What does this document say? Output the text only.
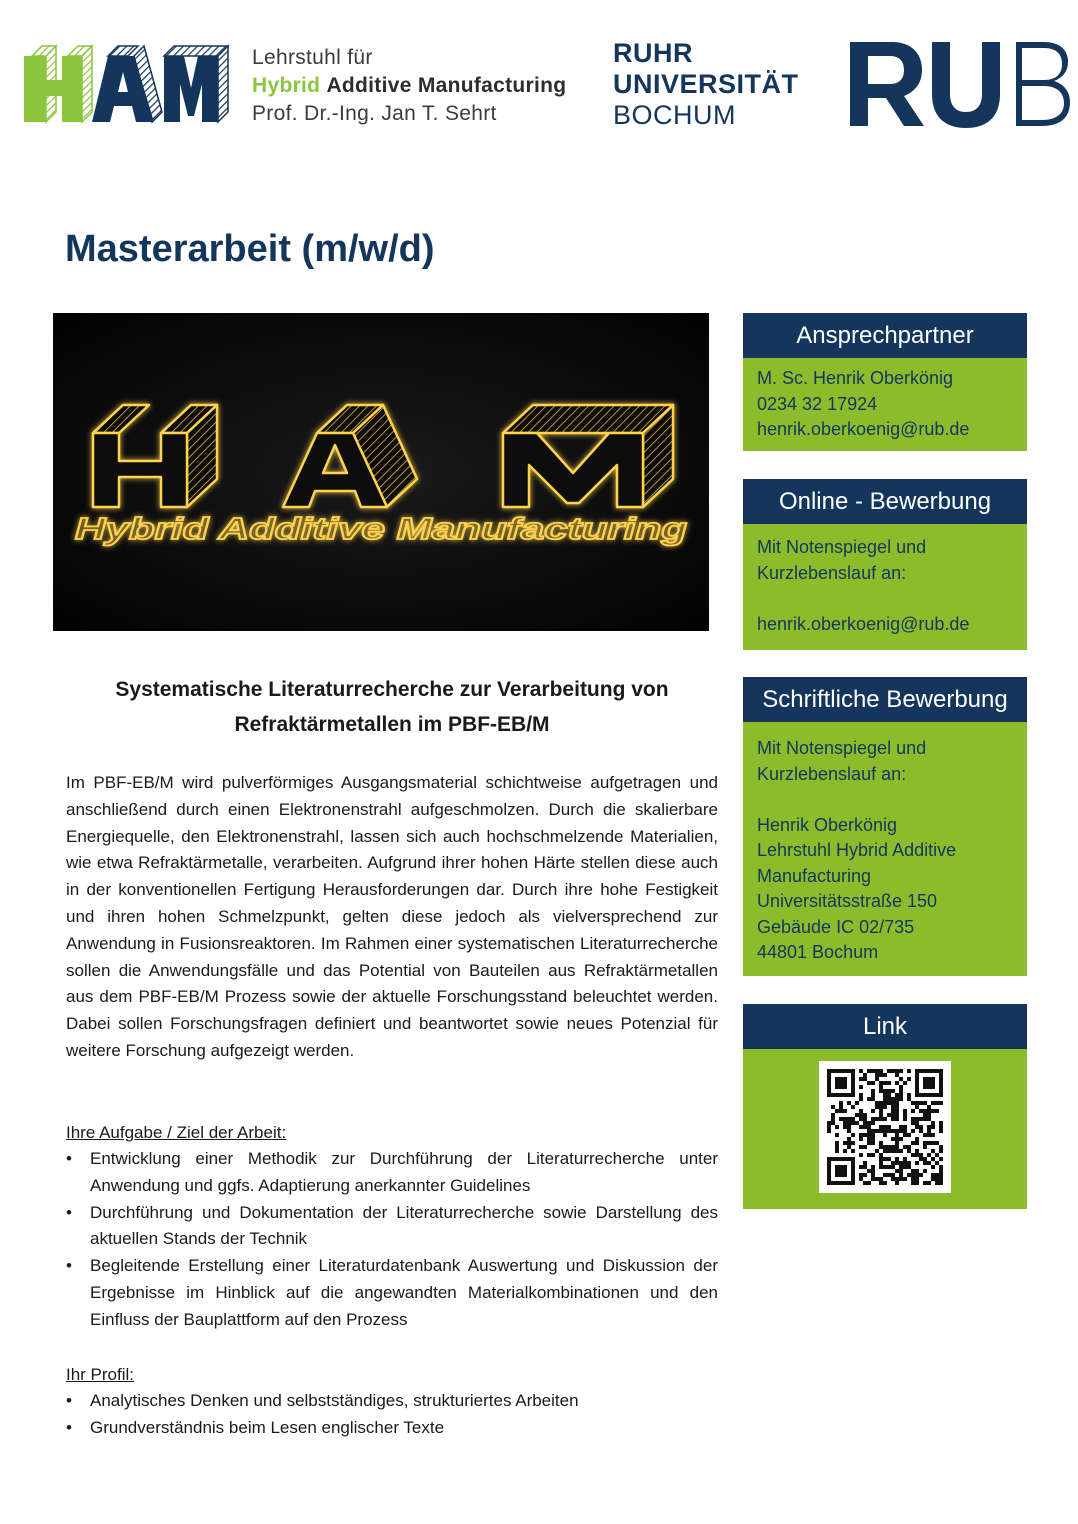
Lehrstuhl für
Hybrid Additive Manufacturing
Prof. Dr.-Ing. Jan T. Sehrt
RUHR
UNIVERSITÄT
BOCHUM
Masterarbeit (m/w/d)
Hybrid Additive Manufacturing
Systematische Literaturrecherche zur Verarbeitung von
Refraktärmetallen im PBF-EB/M

Im PBF-EB/M wird pulverförmiges Ausgangsmaterial schichtweise aufgetragen und anschließend durch einen Elektronenstrahl aufgeschmolzen. Durch die skalierbare Energiequelle, den Elektronenstrahl, lassen sich auch hochschmelzende Materialien, wie etwa Refraktärmetalle, verarbeiten. Aufgrund ihrer hohen Härte stellen diese auch in der konventionellen Fertigung Herausforderungen dar. Durch ihre hohe Festigkeit und ihren hohen Schmelzpunkt, gelten diese jedoch als vielversprechend zur Anwendung in Fusionsreaktoren. Im Rahmen einer systematischen Literaturrecherche sollen die Anwendungsfälle und das Potential von Bauteilen aus Refraktärmetallen aus dem PBF-EB/M Prozess sowie der aktuelle Forschungsstand beleuchtet werden. Dabei sollen Forschungsfragen definiert und beantwortet sowie neues Potenzial für weitere Forschung aufgezeigt werden.

Ihre Aufgabe / Ziel der Arbeit:

• Entwicklung einer Methodik zur Durchführung der Literaturrecherche unter Anwendung und ggfs. Adaptierung anerkannter Guidelines
• Durchführung und Dokumentation der Literaturrecherche sowie Darstellung des aktuellen Stands der Technik
• Begleitende Erstellung einer Literaturdatenbank Auswertung und Diskussion der Ergebnisse im Hinblick auf die angewandten Materialkombinationen und den Einfluss der Bauplattform auf den Prozess

Ihr Profil:

• Analytisches Denken und selbstständiges, strukturiertes Arbeiten
• Grundverständnis beim Lesen englischer Texte
Ansprechpartner
M. Sc. Henrik Oberkönig
0234 32 17924
henrik.oberkoenig@rub.de
Online - Bewerbung
Mit Notenspiegel und
Kurzlebenslauf an:
henrik.oberkoenig@rub.de
Schriftliche Bewerbung
Mit Notenspiegel und
Kurzlebenslauf an:
Henrik Oberkönig
Lehrstuhl Hybrid Additive
Manufacturing
Universitätsstraße 150
Gebäude IC 02/735
44801 Bochum
Link
